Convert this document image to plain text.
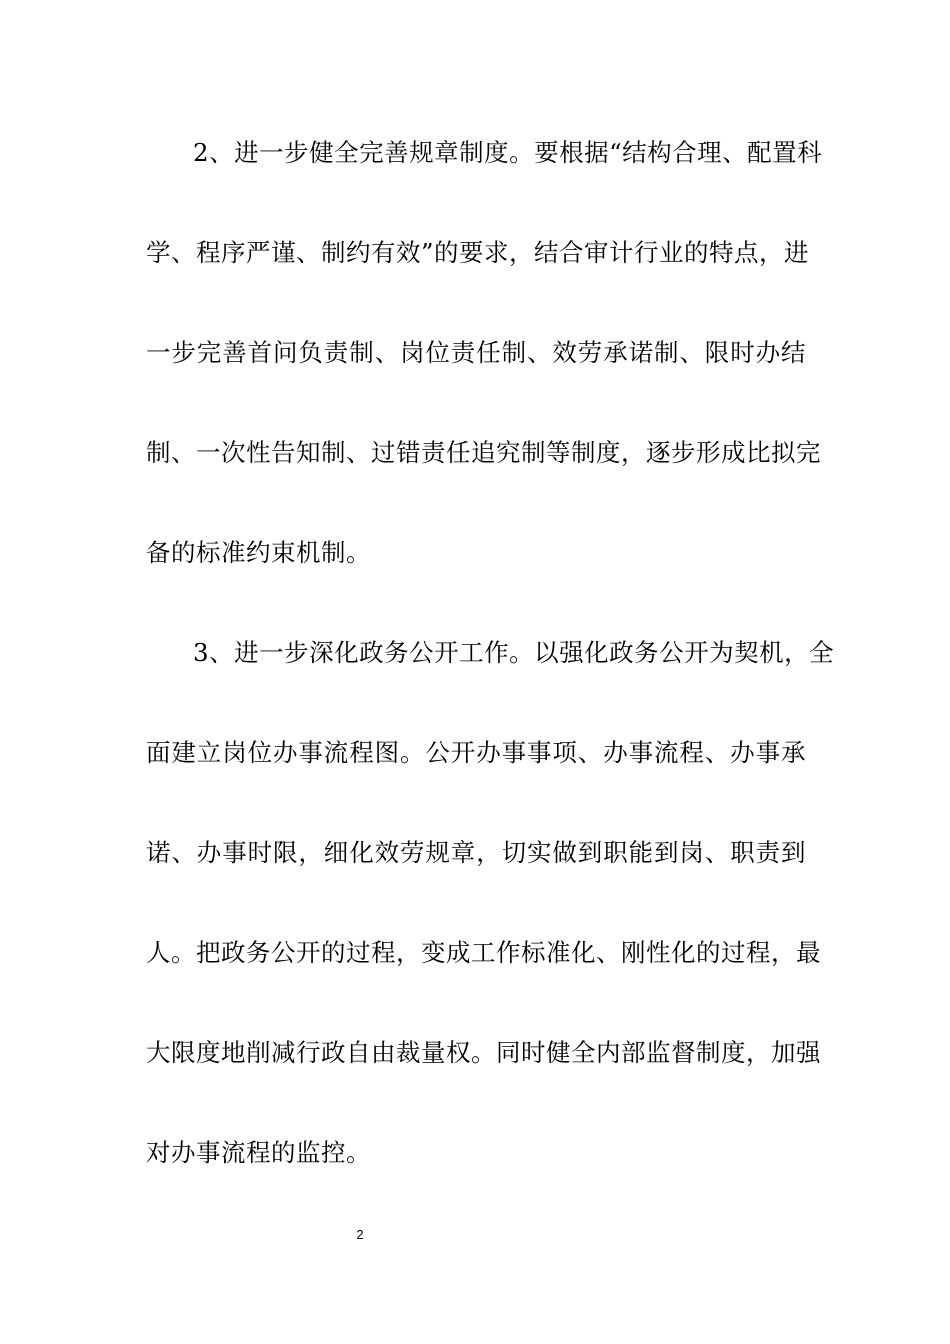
2、进一步健全完善规章制度。要根据“结构合理、配置科
学、程序严谨、制约有效”的要求，结合审计行业的特点，进
一步完善首问负责制、岗位责任制、效劳承诺制、限时办结
制、一次性告知制、过错责任追究制等制度，逐步形成比拟完
备的标准约束机制。
3、进一步深化政务公开工作。以强化政务公开为契机，全
面建立岗位办事流程图。公开办事事项、办事流程、办事承
诺、办事时限，细化效劳规章，切实做到职能到岗、职责到
人。把政务公开的过程，变成工作标准化、刚性化的过程，最
大限度地削减行政自由裁量权。同时健全内部监督制度，加强
对办事流程的监控。
2
